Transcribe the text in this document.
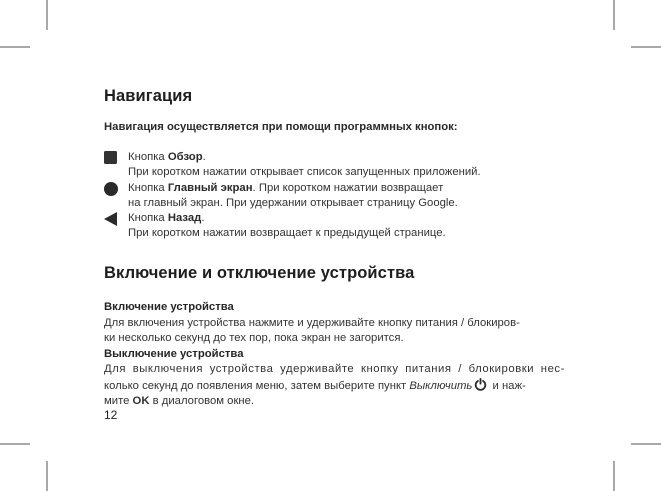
Навигация
Навигация осуществляется при помощи программных кнопок:
Кнопка Обзор.
При коротком нажатии открывает список запущенных приложений.
Кнопка Главный экран. При коротком нажатии возвращает
на главный экран. При удержании открывает страницу Google.
Кнопка Назад.
При коротком нажатии возвращает к предыдущей странице.
Включение и отключение устройства
Включение устройства
Для включения устройства нажмите и удерживайте кнопку питания / блокиров-
ки несколько секунд до тех пор, пока экран не загорится.
Выключение устройства
Для выключения устройства удерживайте кнопку питания / блокировки нес-
колько секунд до появления меню, затем выберите пункт Выключить и наж-
мите OK в диалоговом окне.
12
